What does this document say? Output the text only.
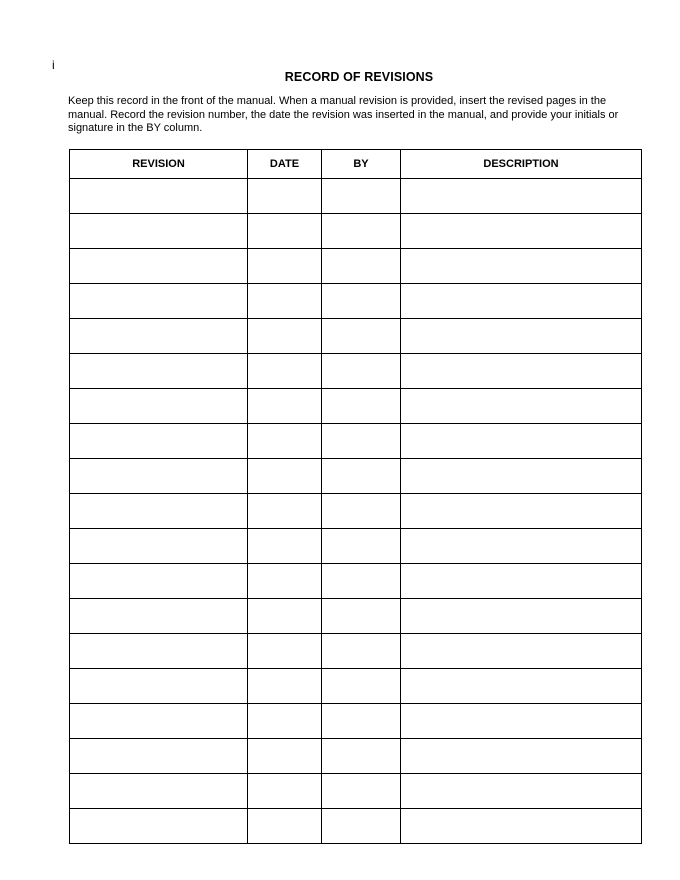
i
RECORD OF REVISIONS

Keep this record in the front of the manual. When a manual revision is provided, insert the revised pages in the manual. Record the revision number, the date the revision was inserted in the manual, and provide your initials or signature in the BY column.

REVISION	DATE	BY	DESCRIPTION
